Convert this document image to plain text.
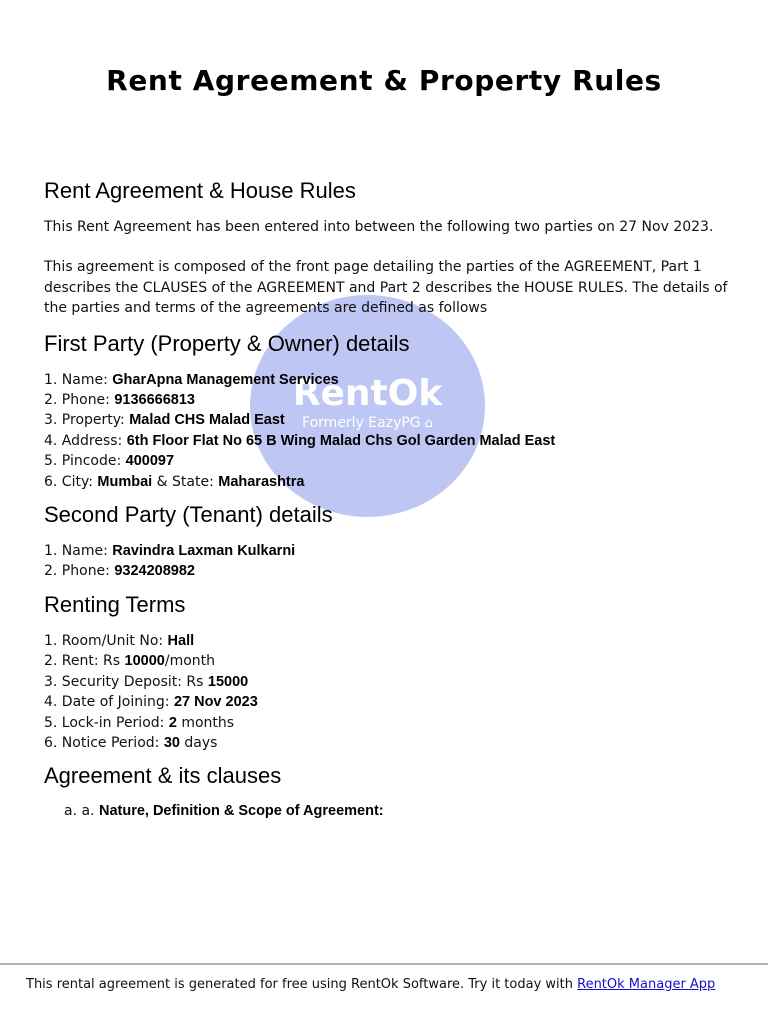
Rent Agreement & Property Rules
RentOk
Formerly EazyPG ⌂
Rent Agreement & House Rules

This Rent Agreement has been entered into between the following two parties on 27 Nov 2023.

This agreement is composed of the front page detailing the parties of the AGREEMENT, Part 1 describes the CLAUSES of the AGREEMENT and Part 2 describes the HOUSE RULES. The details of the parties and terms of the agreements are defined as follows

First Party (Property & Owner) details
1. Name: GharApna Management Services
2. Phone: 9136666813
3. Property: Malad CHS Malad East
4. Address: 6th Floor Flat No 65 B Wing Malad Chs Gol Garden Malad East
5. Pincode: 400097
6. City: Mumbai & State: Maharashtra
Second Party (Tenant) details
1. Name: Ravindra Laxman Kulkarni
2. Phone: 9324208982
Renting Terms
1. Room/Unit No: Hall
2. Rent: Rs 10000/month
3. Security Deposit: Rs 15000
4. Date of Joining: 27 Nov 2023
5. Lock-in Period: 2 months
6. Notice Period: 30 days
Agreement & its clauses
a. a. Nature, Definition & Scope of Agreement:
This rental agreement is generated for free using RentOk Software. Try it today with RentOk Manager App
